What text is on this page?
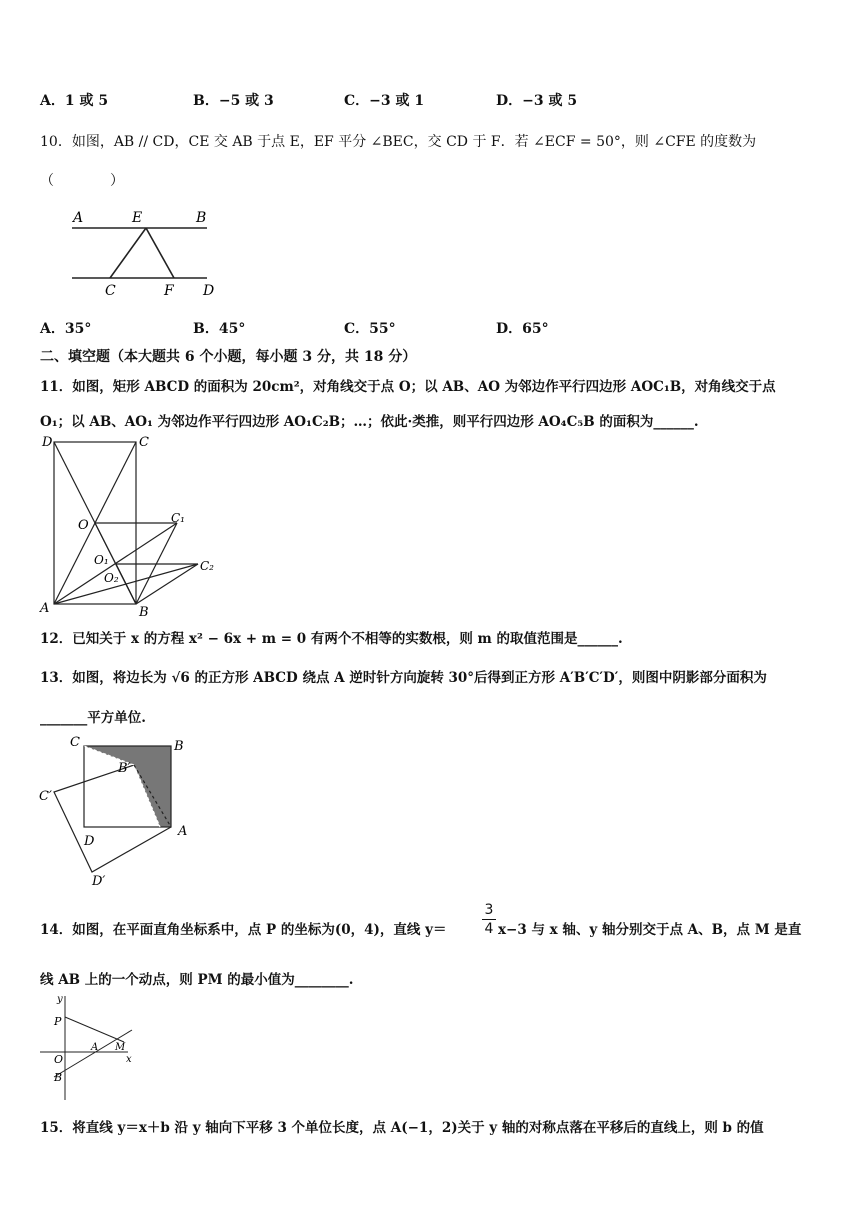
A．1 或 5	B．−5 或 3	C．−3 或 1	D．−3 或 5
10．如图，AB // CD，CE 交 AB 于点 E，EF 平分 ∠BEC，交 CD 于 F．若 ∠ECF = 50°，则 ∠CFE 的度数为
（　　　　）
A	E	B
C	F D
A．35°	B．45°	C．55°	D．65°
二、填空题（本大题共 6 个小题，每小题 3 分，共 18 分）
11．如图，矩形 ABCD 的面积为 20cm²，对角线交于点 O；以 AB、AO 为邻边作平行四边形 AOC₁B，对角线交于点
O₁；以 AB、AO₁ 为邻边作平行四边形 AO₁C₂B；…；依此·类推，则平行四边形 AO₄C₅B 的面积为______.
D	C
O	C₁
O₁
O₂
C₂
A	B
12．已知关于 x 的方程 x² − 6x + m = 0 有两个不相等的实数根，则 m 的取值范围是______.
13．如图，将边长为 √6 的正方形 ABCD 绕点 A 逆时针方向旋转 30°后得到正方形 A′B′C′D′，则图中阴影部分面积为
_______平方单位.
C	B
B′
C′
D
A
D′
14．如图，在平面直角坐标系中，点 P 的坐标为(0，4)，直线 y＝
3
4 x−3 与 x 轴、y 轴分别交于点 A、B，点 M 是直
线 AB 上的一个动点，则 PM 的最小值为________.
y
P
A M
x
O
B
15．将直线 y＝x＋b 沿 y 轴向下平移 3 个单位长度，点 A(−1，2)关于 y 轴的对称点落在平移后的直线上，则 b 的值
